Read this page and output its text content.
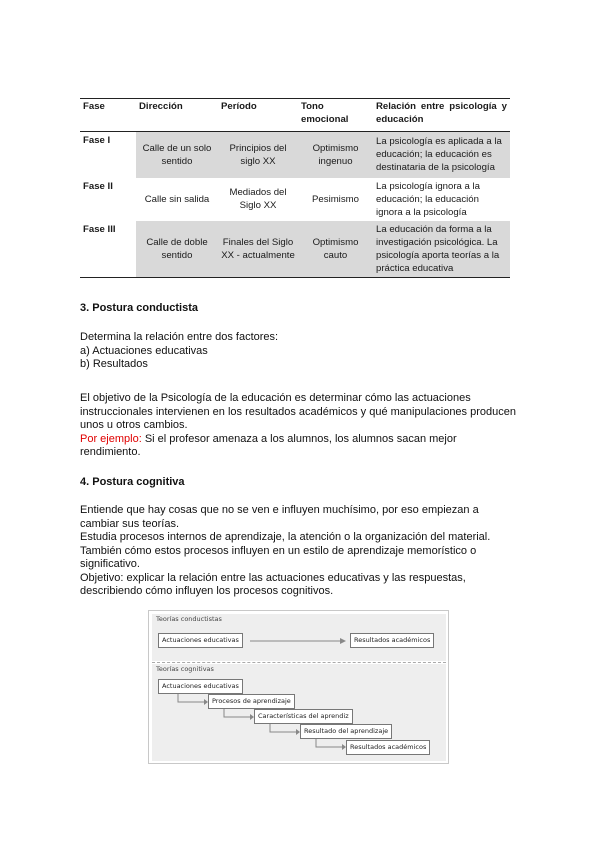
Fase	Dirección	Período	Tono emocional	Relación entre psicología y educación
Fase I	Calle de un solo sentido	Principios del siglo XX	Optimismo ingenuo	La psicología es aplicada a la educación; la educación es destinataria de la psicología
Fase II	Calle sin salida	Mediados del Siglo XX	Pesimismo	La psicología ignora a la educación; la educación ignora a la psicología
Fase III	Calle de doble sentido	Finales del Siglo XX - actualmente	Optimismo cauto	La educación da forma a la investigación psicológica. La psicología aporta teorías a la práctica educativa

3. Postura conductista

Determina la relación entre dos factores:

a) Actuaciones educativas

b) Resultados

El objetivo de la Psicología de la educación es determinar cómo las actuaciones instruccionales intervienen en los resultados académicos y qué manipulaciones producen unos u otros cambios.

Por ejemplo: Si el profesor amenaza a los alumnos, los alumnos sacan mejor rendimiento.

4. Postura cognitiva

Entiende que hay cosas que no se ven e influyen muchísimo, por eso empiezan a cambiar sus teorías.

Estudia procesos internos de aprendizaje, la atención o la organización del material.

También cómo estos procesos influyen en un estilo de aprendizaje memorístico o significativo.

Objetivo: explicar la relación entre las actuaciones educativas y las respuestas, describiendo cómo influyen los procesos cognitivos.

Teorías conductistas
Actuaciones educativas	Resultados académicos
Teorías cognitivas
Actuaciones educativas
Procesos de aprendizaje
Características del aprendiz
Resultado del aprendizaje
Resultados académicos
